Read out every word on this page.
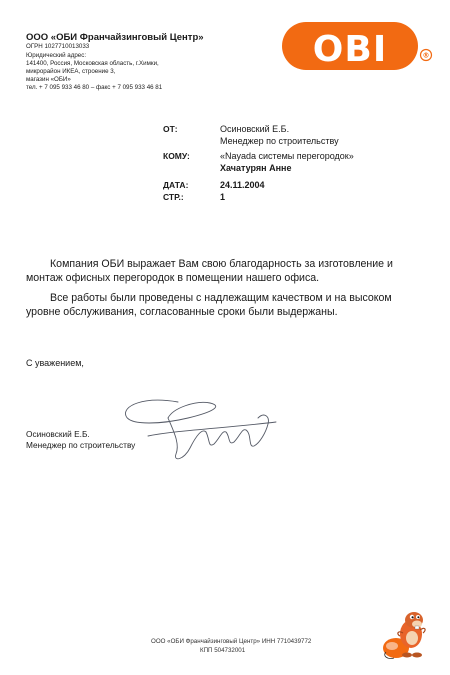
ООО «ОБИ Франчайзинговый Центр»
ОГРН 1027710013033
Юридический адрес:
141400, Россия, Московская область, г.Химки,
микрорайон ИКЕА, строение 3,
магазин «ОБИ»
тел. + 7 095 933 46 80 – факс + 7 095 933 46 81
OBI	®
ОТ:	Осиновский Е.Б.
Менеджер по строительству
КОМУ:	«Nayada системы перегородок»
Хачатурян Анне
ДАТА:	24.11.2004
СТР.:	1
Компания ОБИ выражает Вам свою благодарность за изготовление и
монтаж офисных перегородок в помещении нашего офиса.
Все работы были проведены с надлежащим качеством и на высоком
уровне обслуживания, согласованные сроки были выдержаны.
С уважением,
Осиновский Е.Б.
Менеджер по строительству
ООО «ОБИ Франчайзинговый Центр» ИНН 7710439772
КПП 504732001
